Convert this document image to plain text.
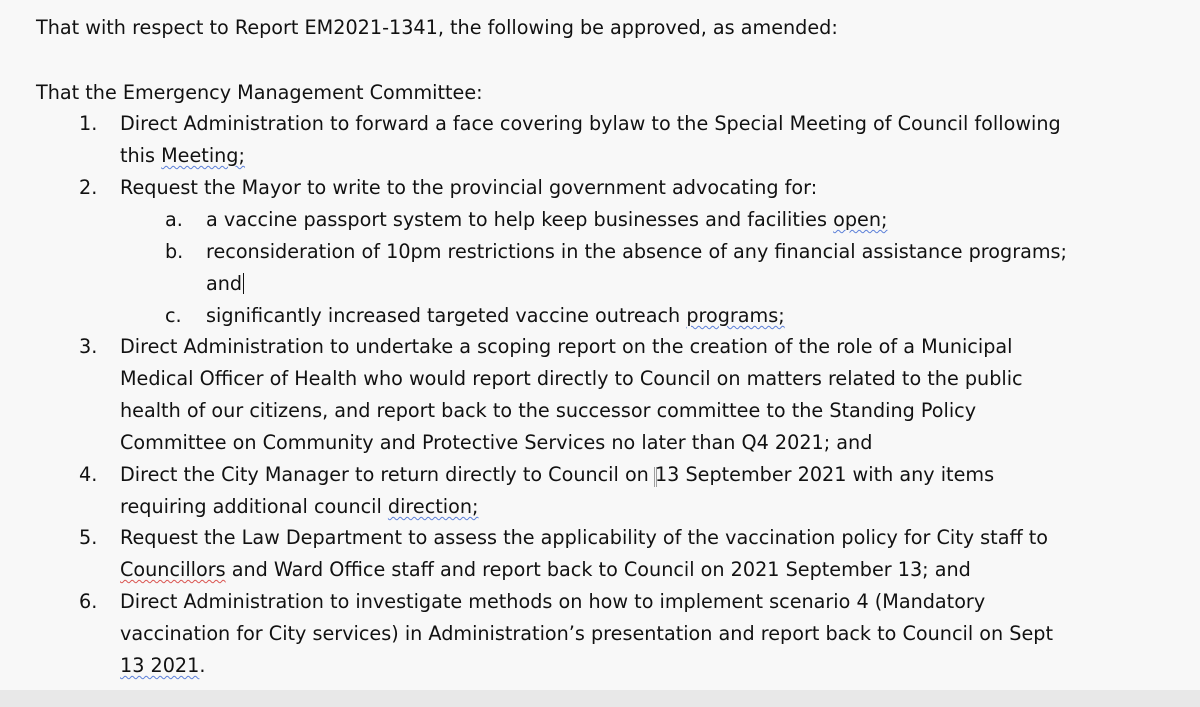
That with respect to Report EM2021-1341, the following be approved, as amended:
That the Emergency Management Committee:
1. Direct Administration to forward a face covering bylaw to the Special Meeting of Council following
this Meeting;
2. Request the Mayor to write to the provincial government advocating for:
a. a vaccine passport system to help keep businesses and facilities open;
b. reconsideration of 10pm restrictions in the absence of any financial assistance programs;
and
c. significantly increased targeted vaccine outreach programs;
3. Direct Administration to undertake a scoping report on the creation of the role of a Municipal
Medical Officer of Health who would report directly to Council on matters related to the public
health of our citizens, and report back to the successor committee to the Standing Policy
Committee on Community and Protective Services no later than Q4 2021; and
4. Direct the City Manager to return directly to Council on 13 September 2021 with any items
requiring additional council direction;
5. Request the Law Department to assess the applicability of the vaccination policy for City staff to
Councillors and Ward Office staff and report back to Council on 2021 September 13; and
6. Direct Administration to investigate methods on how to implement scenario 4 (Mandatory
vaccination for City services) in Administration’s presentation and report back to Council on Sept
13 2021.
